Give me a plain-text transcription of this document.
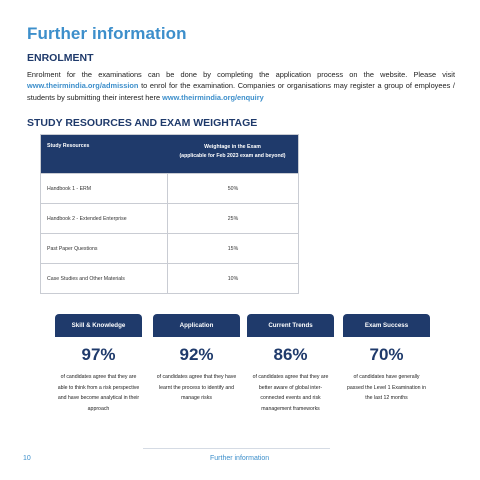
Further information
ENROLMENT
Enrolment for the examinations can be done by completing the application process on the website. Please visit www.theirmindia.org/admission to enrol for the examination. Companies or organisations may register a group of employees / students by submitting their interest here www.theirmindia.org/enquiry
STUDY RESOURCES AND EXAM WEIGHTAGE
Study Resources	Weightage in the Exam
(applicable for Feb 2023 exam and beyond)
Handbook 1 - ERM	50%
Handbook 2 - Extended Enterprise	25%
Past Paper Questions	15%
Case Studies and Other Materials	10%
Skill & Knowledge
97%
of candidates agree that they are able to think from a risk perspective and have become analytical in their approach
Application
92%
of candidates agree that they have learnt the process to identify and manage risks
Current Trends
86%
of candidates agree that they are better aware of global inter-connected events and risk management frameworks
Exam Success
70%
of candidates have generally passed the Level 1 Examination in the last 12 months
10	Further information
